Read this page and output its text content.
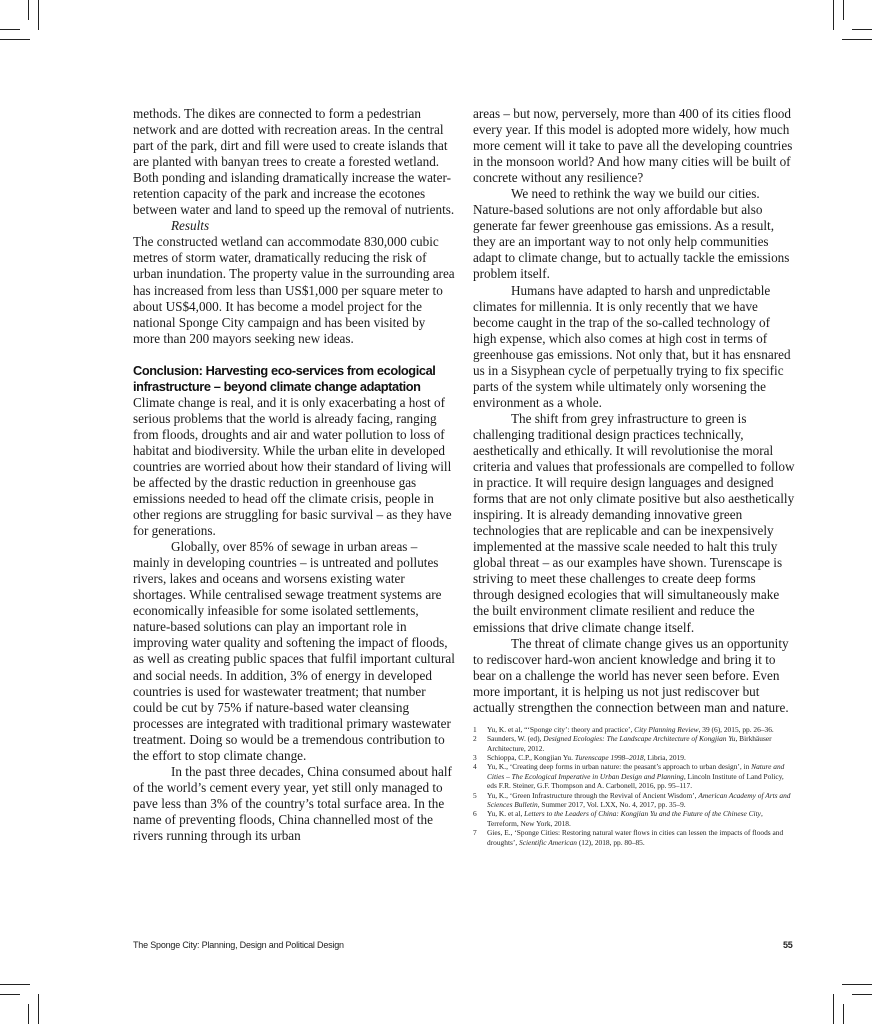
methods. The dikes are connected to form a pedestrian network and are dotted with recreation areas. In the central part of the park, dirt and fill were used to create islands that are planted with banyan trees to create a forested wetland. Both ponding and islanding dramatically increase the water-retention capacity of the park and increase the ecotones between water and land to speed up the removal of nutrients.

Results

The constructed wetland can accommodate 830,000 cubic metres of storm water, dramatically reducing the risk of urban inundation. The property value in the surrounding area has increased from less than US$1,000 per square meter to about US$4,000. It has become a model project for the national Sponge City campaign and has been visited by more than 200 mayors seeking new ideas.

Conclusion: Harvesting eco-services from ecological infrastructure – beyond climate change adaptation

Climate change is real, and it is only exacerbating a host of serious problems that the world is already facing, ranging from floods, droughts and air and water pollution to loss of habitat and biodiversity. While the urban elite in developed countries are worried about how their standard of living will be affected by the drastic reduction in greenhouse gas emissions needed to head off the climate crisis, people in other regions are struggling for basic survival – as they have for generations.

Globally, over 85% of sewage in urban areas – mainly in developing countries – is untreated and pollutes rivers, lakes and oceans and worsens existing water shortages. While centralised sewage treatment systems are economically infeasible for some isolated settlements, nature-based solutions can play an important role in improving water quality and softening the impact of floods, as well as creating public spaces that fulfil important cultural and social needs. In addition, 3% of energy in developed countries is used for wastewater treatment; that number could be cut by 75% if nature-based water cleansing processes are integrated with traditional primary wastewater treatment. Doing so would be a tremendous contribution to the effort to stop climate change.

In the past three decades, China consumed about half of the world’s cement every year, yet still only managed to pave less than 3% of the country’s total surface area. In the name of preventing floods, China channelled most of the rivers running through its urban

areas – but now, perversely, more than 400 of its cities flood every year. If this model is adopted more widely, how much more cement will it take to pave all the developing countries in the monsoon world? And how many cities will be built of concrete without any resilience?

We need to rethink the way we build our cities. Nature-based solutions are not only affordable but also generate far fewer greenhouse gas emissions. As a result, they are an important way to not only help communities adapt to climate change, but to actually tackle the emissions problem itself.

Humans have adapted to harsh and unpredictable climates for millennia. It is only recently that we have become caught in the trap of the so-called technology of high expense, which also comes at high cost in terms of greenhouse gas emissions. Not only that, but it has ensnared us in a Sisyphean cycle of perpetually trying to fix specific parts of the system while ultimately only worsening the environment as a whole.

The shift from grey infrastructure to green is challenging traditional design practices technically, aesthetically and ethically. It will revolutionise the moral criteria and values that professionals are compelled to follow in practice. It will require design languages and designed forms that are not only climate positive but also aesthetically inspiring. It is already demanding innovative green technologies that are replicable and can be inexpensively implemented at the massive scale needed to halt this truly global threat – as our examples have shown. Turenscape is striving to meet these challenges to create deep forms through designed ecologies that will simultaneously make the built environment climate resilient and reduce the emissions that drive climate change itself.

The threat of climate change gives us an opportunity to rediscover hard-won ancient knowledge and bring it to bear on a challenge the world has never seen before. Even more important, it is helping us not just rediscover but actually strengthen the connection between man and nature.

1 Yu, K. et al, “‘Sponge city’: theory and practice’, City Planning Review, 39 (6), 2015, pp. 26–36.
2 Saunders, W. (ed), Designed Ecologies: The Landscape Architecture of Kongjian Yu, Birkhäuser Architecture, 2012.
3 Schioppa, C.P., Kongjian Yu. Turenscape 1998–2018, Libria, 2019.
4 Yu, K., ‘Creating deep forms in urban nature: the peasant’s approach to urban design’, in Nature and Cities – The Ecological Imperative in Urban Design and Planning, Lincoln Institute of Land Policy, eds F.R. Steiner, G.F. Thompson and A. Carbonell, 2016, pp. 95–117.
5 Yu, K., ‘Green Infrastructure through the Revival of Ancient Wisdom’, American Academy of Arts and Sciences Bulletin, Summer 2017, Vol. LXX, No. 4, 2017, pp. 35–9.
6 Yu, K. et al, Letters to the Leaders of China: Kongjian Yu and the Future of the Chinese City, Terreform, New York, 2018.
7 Gies, E., ‘Sponge Cities: Restoring natural water flows in cities can lessen the impacts of floods and droughts’, Scientific American (12), 2018, pp. 80–85.
The Sponge City: Planning, Design and Political Design	55
